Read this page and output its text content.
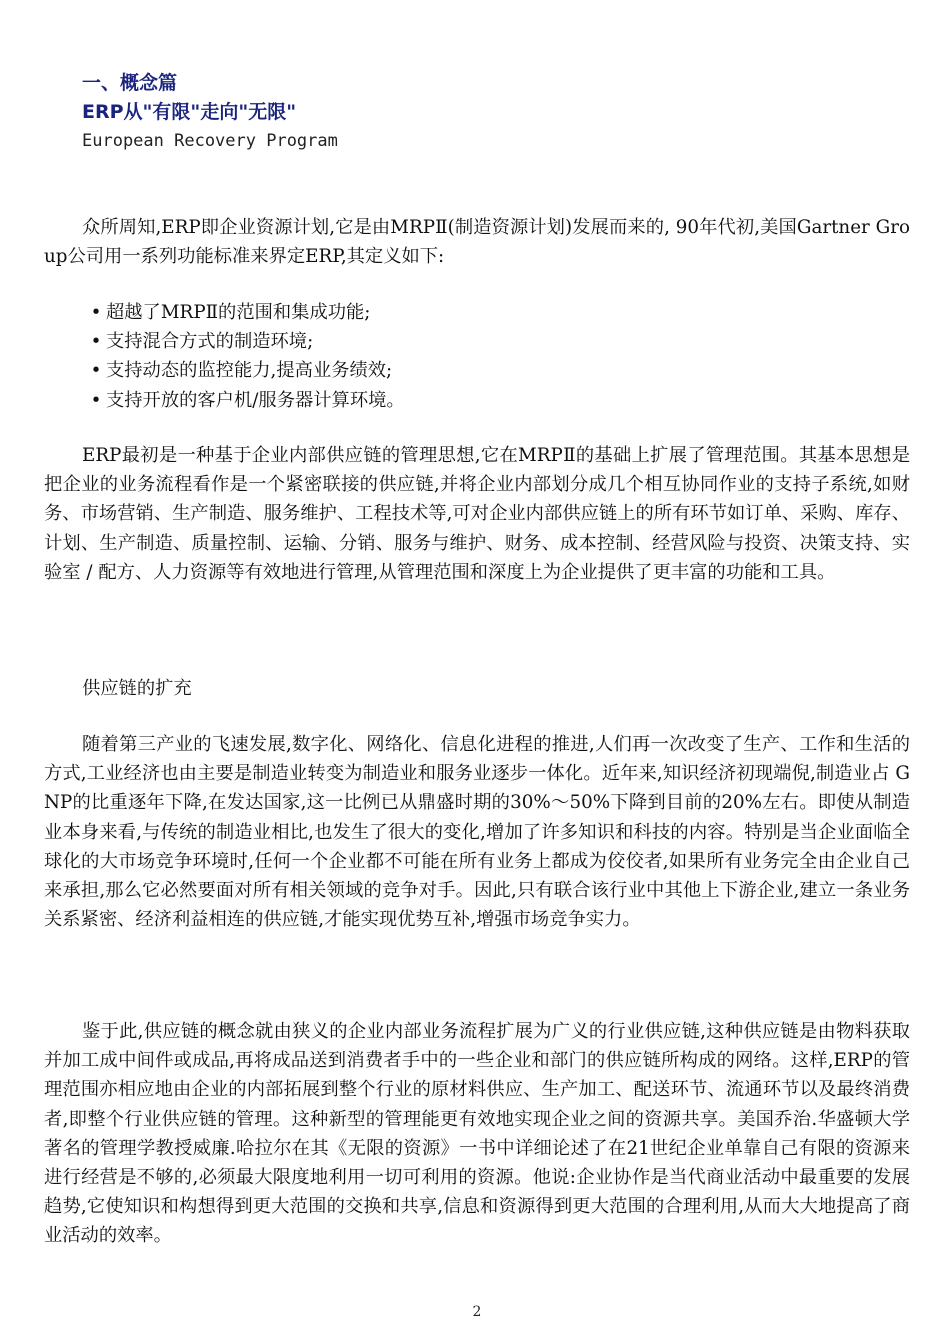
一、概念篇
ERP从"有限"走向"无限"
European Recovery Program

众所周知,ERP即企业资源计划,它是由MRPⅡ(制造资源计划)发展而来的, 90年代初,美国Gartner Group公司用一系列功能标准来界定ERP,其定义如下:

• 超越了MRPⅡ的范围和集成功能;
• 支持混合方式的制造环境;
• 支持动态的监控能力,提高业务绩效;
• 支持开放的客户机/服务器计算环境。

ERP最初是一种基于企业内部供应链的管理思想,它在MRPⅡ的基础上扩展了管理范围。其基本思想是把企业的业务流程看作是一个紧密联接的供应链,并将企业内部划分成几个相互协同作业的支持子系统,如财务、市场营销、生产制造、服务维护、工程技术等,可对企业内部供应链上的所有环节如订单、采购、库存、计划、生产制造、质量控制、运输、分销、服务与维护、财务、成本控制、经营风险与投资、决策支持、实验室 / 配方、人力资源等有效地进行管理,从管理范围和深度上为企业提供了更丰富的功能和工具。

供应链的扩充

随着第三产业的飞速发展,数字化、网络化、信息化进程的推进,人们再一次改变了生产、工作和生活的方式,工业经济也由主要是制造业转变为制造业和服务业逐步一体化。近年来,知识经济初现端倪,制造业占 GNP的比重逐年下降,在发达国家,这一比例已从鼎盛时期的30%～50%下降到目前的20%左右。即使从制造业本身来看,与传统的制造业相比,也发生了很大的变化,增加了许多知识和科技的内容。特别是当企业面临全球化的大市场竞争环境时,任何一个企业都不可能在所有业务上都成为佼佼者,如果所有业务完全由企业自己来承担,那么它必然要面对所有相关领域的竞争对手。因此,只有联合该行业中其他上下游企业,建立一条业务关系紧密、经济利益相连的供应链,才能实现优势互补,增强市场竞争实力。

鉴于此,供应链的概念就由狭义的企业内部业务流程扩展为广义的行业供应链,这种供应链是由物料获取并加工成中间件或成品,再将成品送到消费者手中的一些企业和部门的供应链所构成的网络。这样,ERP的管理范围亦相应地由企业的内部拓展到整个行业的原材料供应、生产加工、配送环节、流通环节以及最终消费者,即整个行业供应链的管理。这种新型的管理能更有效地实现企业之间的资源共享。美国乔治.华盛顿大学著名的管理学教授威廉.哈拉尔在其《无限的资源》一书中详细论述了在21世纪企业单靠自己有限的资源来进行经营是不够的,必须最大限度地利用一切可利用的资源。他说:企业协作是当代商业活动中最重要的发展趋势,它使知识和构想得到更大范围的交换和共享,信息和资源得到更大范围的合理利用,从而大大地提高了商业活动的效率。

2
